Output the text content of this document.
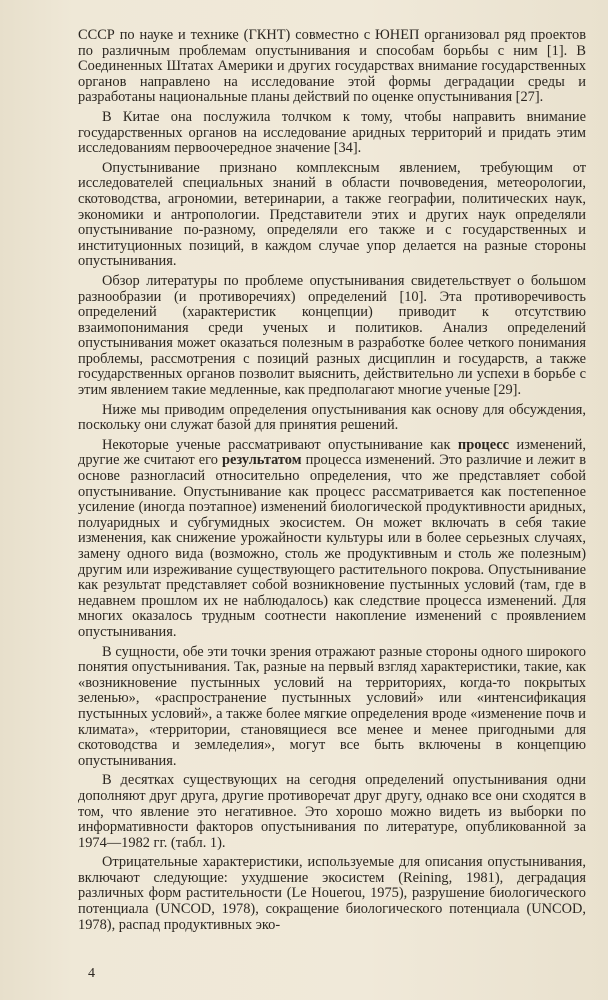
СССР по науке и технике (ГКНТ) совместно с ЮНЕП организовал ряд проектов по различным проблемам опустынивания и способам борьбы с ним [1]. В Соединенных Штатах Америки и других государствах внимание государственных органов направлено на исследование этой формы деградации среды и разработаны национальные планы действий по оценке опустынивания [27].

В Китае она послужила толчком к тому, чтобы направить внимание государственных органов на исследование аридных территорий и придать этим исследованиям первоочередное значение [34].

Опустынивание признано комплексным явлением, требующим от исследователей специальных знаний в области почвоведения, метеорологии, скотоводства, агрономии, ветеринарии, а также географии, политических наук, экономики и антропологии. Представители этих и других наук определяли опустынивание по-разному, определяли его также и с государственных и институционных позиций, в каждом случае упор делается на разные стороны опустынивания.

Обзор литературы по проблеме опустынивания свидетельствует о большом разнообразии (и противоречиях) определений [10]. Эта противоречивость определений (характеристик концепции) приводит к отсутствию взаимопонимания среди ученых и политиков. Анализ определений опустынивания может оказаться полезным в разработке более четкого понимания проблемы, рассмотрения с позиций разных дисциплин и государств, а также государственных органов позволит выяснить, действительно ли успехи в борьбе с этим явлением такие медленные, как предполагают многие ученые [29].

Ниже мы приводим определения опустынивания как основу для обсуждения, поскольку они служат базой для принятия решений.

Некоторые ученые рассматривают опустынивание как процесс изменений, другие же считают его результатом процесса изменений. Это различие и лежит в основе разногласий относительно определения, что же представляет собой опустынивание. Опустынивание как процесс рассматривается как постепенное усиление (иногда поэтапное) изменений биологической продуктивности аридных, полуаридных и субгумидных экосистем. Он может включать в себя такие изменения, как снижение урожайности культуры или в более серьезных случаях, замену одного вида (возможно, столь же продуктивным и столь же полезным) другим или изреживание существующего растительного покрова. Опустынивание как результат представляет собой возникновение пустынных условий (там, где в недавнем прошлом их не наблюдалось) как следствие процесса изменений. Для многих оказалось трудным соотнести накопление изменений с проявлением опустынивания.

В сущности, обе эти точки зрения отражают разные стороны одного широкого понятия опустынивания. Так, разные на первый взгляд характеристики, такие, как «возникновение пустынных условий на территориях, когда-то покрытых зеленью», «распространение пустынных условий» или «интенсификация пустынных условий», а также более мягкие определения вроде «изменение почв и климата», «территории, становящиеся все менее и менее пригодными для скотоводства и земледелия», могут все быть включены в концепцию опустынивания.

В десятках существующих на сегодня определений опустынивания одни дополняют друг друга, другие противоречат друг другу, однако все они сходятся в том, что явление это негативное. Это хорошо можно видеть из выборки по информативности факторов опустынивания по литературе, опубликованной за 1974—1982 гг. (табл. 1).

Отрицательные характеристики, используемые для описания опустынивания, включают следующие: ухудшение экосистем (Reining, 1981), деградация различных форм растительности (Le Houerou, 1975), разрушение биологического потенциала (UNCOD, 1978), сокращение биологического потенциала (UNCOD, 1978), распад продуктивных эко-

4
